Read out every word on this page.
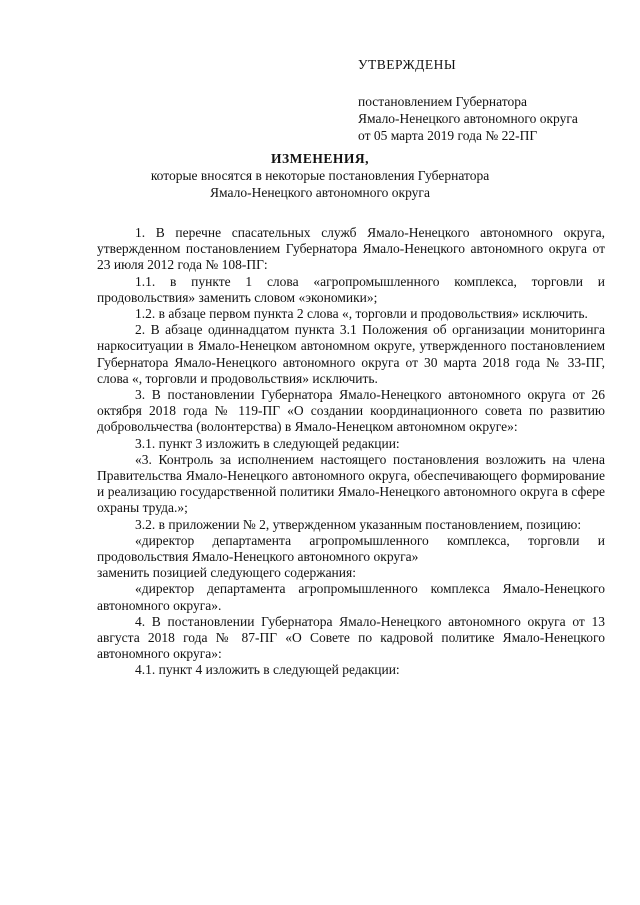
УТВЕРЖДЕНЫ
постановлением Губернатора
Ямало-Ненецкого автономного округа
от 05 марта 2019 года № 22-ПГ
ИЗМЕНЕНИЯ,
которые вносятся в некоторые постановления Губернатора
Ямало-Ненецкого автономного округа

1. В перечне спасательных служб Ямало-Ненецкого автономного округа, утвержденном постановлением Губернатора Ямало-Ненецкого автономного округа от 23 июля 2012 года № 108-ПГ:

1.1. в пункте 1 слова «агропромышленного комплекса, торговли и продовольствия» заменить словом «экономики»;

1.2. в абзаце первом пункта 2 слова «, торговли и продовольствия» исключить.

2. В абзаце одиннадцатом пункта 3.1 Положения об организации мониторинга наркоситуации в Ямало-Ненецком автономном округе, утвержденного постановлением Губернатора Ямало-Ненецкого автономного округа от 30 марта 2018 года № 33-ПГ, слова «, торговли и продовольствия» исключить.

3. В постановлении Губернатора Ямало-Ненецкого автономного округа от 26 октября 2018 года № 119-ПГ «О создании координационного совета по развитию добровольчества (волонтерства) в Ямало-Ненецком автономном округе»:

3.1. пункт 3 изложить в следующей редакции:

«3. Контроль за исполнением настоящего постановления возложить на члена Правительства Ямало-Ненецкого автономного округа, обеспечивающего формирование и реализацию государственной политики Ямало-Ненецкого автономного округа в сфере охраны труда.»;

3.2. в приложении № 2, утвержденном указанным постановлением, позицию:

«директор департамента агропромышленного комплекса, торговли и продовольствия Ямало-Ненецкого автономного округа»

заменить позицией следующего содержания:

«директор департамента агропромышленного комплекса Ямало-Ненецкого автономного округа».

4. В постановлении Губернатора Ямало-Ненецкого автономного округа от 13 августа 2018 года № 87-ПГ «О Совете по кадровой политике Ямало-Ненецкого автономного округа»:

4.1. пункт 4 изложить в следующей редакции:
